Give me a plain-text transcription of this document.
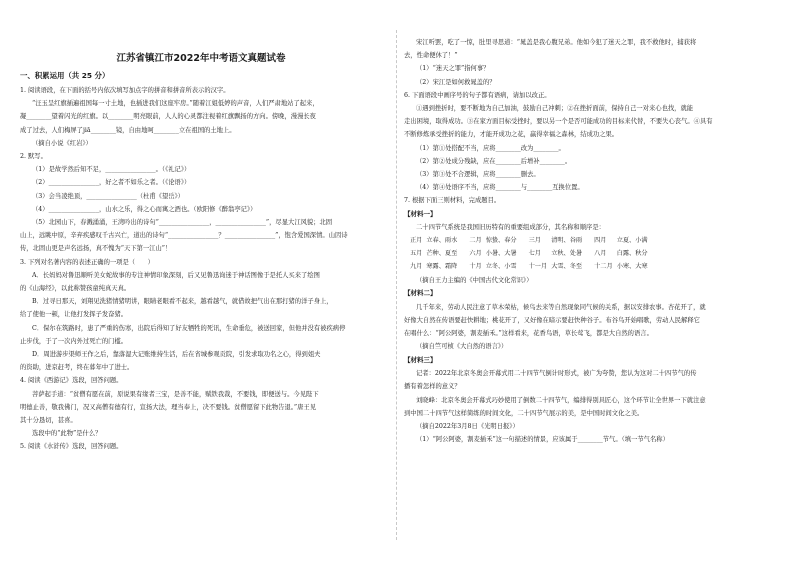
江苏省镇江市2022年中考语文真题试卷
一、积累运用（共 25 分）

1. 阅读语段，在下面的括号内依次填写加点字的拼音和拼音所表示的汉字。

“汪玉呈红旗插遍祖国每一寸土地，也插进我们这座牢房。”随着江姐低婷的声音，人们严肃地站了起来，

凝________望着闪光的红旗。以________明亮眼前，人人的心灵都注视着红旗飘扬的方向。傍晚，漫漫长夜

成了过去，人们梅屏了jiā________镜，自由地呵________立在祖国的土地上。

（摘自小说《红岩》）

2. 默写。

（1）是故学然后知不足，________________。（《礼记》）

（2）________________，好之者不如乐之者。（《论语》）

（3）会当凌绝顶，________________（杜甫《望岳》）

（4）________________，山水之乐，得之心而寓之酒也。（欧阳修《醉翁亭记》）

（5）北园山下，春溅涌涌，王湾吟出的诗句“________________，________________”，尽显大江风貌；北固

山上，远眺中原，辛弃疾感叹千古兴亡，道出的诗句“________________？________________”，饱含爱国深情。山因诗

传，北固山更是声名远扬，真不愧为“天下第一江山”！

3. 下列对名著内容的表述正确的一项是（　　）

A．长妈妈对鲁迅顺听美女蛇故事的专注神情印象深刻，后又见鲁迅询迷于神话图像于是托人买来了绘图

的《山海经》，以此称赞孩童纯真天真。

B．过寻日那天，刘翔见洗猪情猪明讲，眼睛老眼看不起来，越看越气，就借故把气出在那打猪的洋子身上，

给了使他一顿，让他打发挥子发奋猪。

C．保尔在筑路时，患了严重的伤寒，出院后得知了好友牺牲的死讯，生命垂危，被送回家，但他并没有被疾病停

止步伐，于了一次内外过死亡的门槛。

D．周进游步渠师王作之后，靠落湿大记账维持生活，后在省城参观贡院，引发求取功名之心，得到姐夫

的资助，进京赶考，终在暮年中了进士。

4. 阅读《西游记》选段，回答问题。

菩萨起手道：“贫僧有愿在前，原说果有缘者三宝，是善不能，赋铁我裁，不要钱，即便送与。今见陛下

明德止善，敬我佛门，况又高僧有德有行，宣扬大法，理当奉上，决不要钱。贫僧愿留下此物告退。”唐王见

其十分恳切，甚喜。

选段中的“此物”是什么？

5. 阅读《水浒传》选段，回答问题。

宋江听罢，吃了一惊，肚里寻思道：“晁盖是我心腹兄弟。他如今犯了迷天之罪，我不救他时，捕获将

去，性命便休了！”

（1）“迷天之罪”指何事？

（2）宋江是如何救晁盖的？

6. 下面语段中画序号的句子都有语病，请加以改正。

①遇到挫折时，要不断地为自己加油，鼓励自己冲刺；②在挫折面前，保持自己一对来心也找，就能

走出困境，取得成功。③在家方面目标受挫时，要以另一个是否可能成功的目标来代替，不要失心丧气。④具有

不断修炼承受挫折的能力，才能开成功之花，赢得幸福之森林，结成功之果。

（1）第①处搭配不当，应将________改为________。

（2）第②处成分残缺，应在________后增补________。

（3）第③处不合逻辑，应将________删去。

（4）第④处语序不当，应将________与________互换位置。

7. 根据下面三则材料，完成题目。

【材料一】

二十四节气系统是我国旧历特有的重要组成部分，其名称和顺序是：

正月	立春、雨水	二月	惊蛰、春分	三月	清明、谷雨	四月	立夏、小满
五月	芒种、夏至	六月	小暑、大暑	七月	立秋、处暑	八月	白露、秋分
九月	寒露、霜降	十月	立冬、小雪	十一月	大雪、冬至	十二月	小寒、大寒

（摘自王力主编的《中国古代文化常识》）

【材料二】

几千年来，劳动人民注意了草木荣枯，候鸟去来等自然现象同气候的关系，据以安排农事。杏花开了，就

好像大自然在传语要赶快耕地；桃花开了，又好像在暗示要赶快种谷子。布谷鸟开始唱歌，劳动人民解释它

在唱什么：“阿公阿婆，割麦插禾。”这样看来，花香鸟语，草长莺飞，都是大自然的语言。

（摘自竺可桢《大自然的语言》）

【材料三】

记者：2022年北京冬奥会开幕式用二十四节气倒计时形式，被广为夸赞，您认为这对二十四节气的传

播有着怎样的意义？

刘晓峰：北京冬奥会开幕式巧妙使用了倒数二十四节气，编排得别具匠心，这个环节让全世界一下就注意

到中国二十四节气这样简练的时间文化，二十四节气展示的美，是中国时间文化之美。

（摘自2022年3月8日《光明日报》）

（1）“阿公阿婆，割麦插禾”这一句描述的情景，应该属于________节气。（填一节气名称）
